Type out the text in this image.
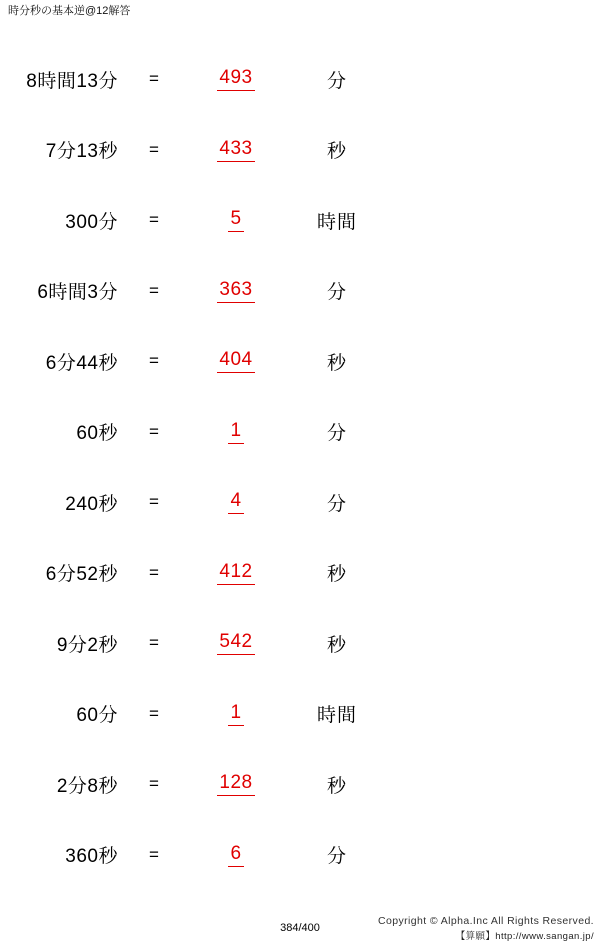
時分秒の基本逆@12解答
8時間13分	=	493	分
7分13秒	=	433	秒
300分	=	5	時間
6時間3分	=	363	分
6分44秒	=	404	秒
60秒	=	1	分
240秒	=	4	分
6分52秒	=	412	秒
9分2秒	=	542	秒
60分	=	1	時間
2分8秒	=	128	秒
360秒	=	6	分
384/400
Copyright © Alpha.Inc All Rights Reserved.
【算願】http://www.sangan.jp/
